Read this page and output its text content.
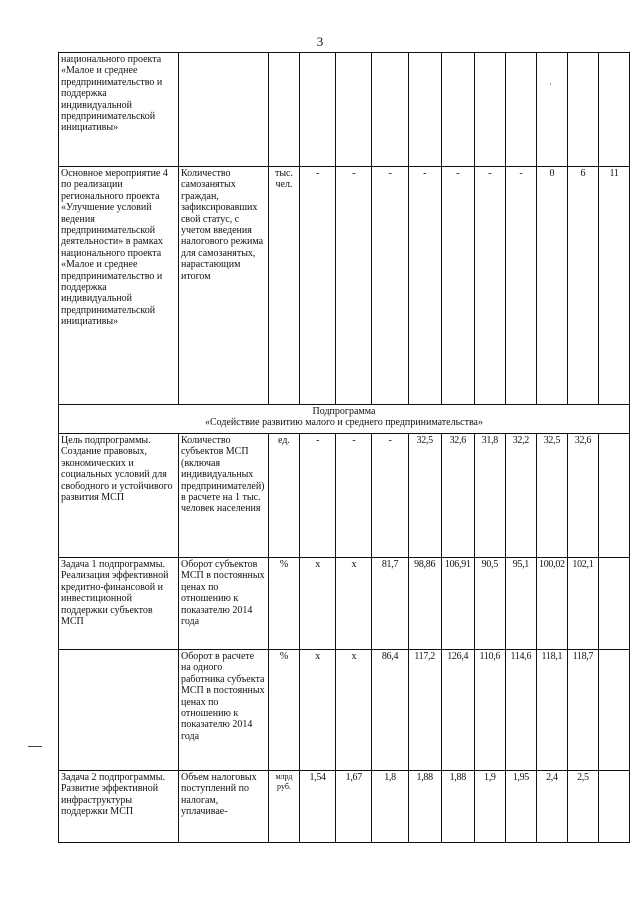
3
·
национального проекта «Малое и среднее предпринимательство и поддержка индивидуальной предпринимательской инициативы»												
Основное мероприятие 4 по реализации регионального проекта «Улучшение условий ведения предпринимательской деятельности» в рамках национального проекта «Малое и среднее предпринимательство и поддержка индивидуальной предпринимательской инициативы»	Количество самозанятых граждан, зафиксировавших свой статус, с учетом введения налогового режима для самозанятых, нарастающим итогом	тыс. чел.	-	-	-	-	-	-	-	0	6	11

Подпрограмма
«Содействие развитию малого и среднего предпринимательства»												

Цель подпрограммы. Создание правовых, экономических и социальных условий для свободного и устойчивого развития МСП	Количество субъектов МСП (включая индивидуальных предпринимателей) в расчете на 1 тыс. человек населения	ед.	-	-	-	32,5	32,6	31,8	32,2	32,5	32,6	
Задача 1 подпрограммы. Реализация эффективной кредитно-финансовой и инвестиционной поддержки субъектов МСП	Оборот субъектов МСП в постоянных ценах по отношению к показателю 2014 года	%	х	х	81,7	98,86	106,91	90,5	95,1	100,02	102,1	
	Оборот в расчете на одного работника субъекта МСП в постоянных ценах по отношению к показателю 2014 года	%	х	х	86,4	117,2	126,4	110,6	114,6	118,1	118,7	
Задача 2 подпрограммы. Развитие эффективной инфраструктуры поддержки МСП	Объем налоговых поступлений по налогам, уплачивае-	млрд руб.	1,54	1,67	1,8	1,88	1,88	1,9	1,95	2,4	2,5	
